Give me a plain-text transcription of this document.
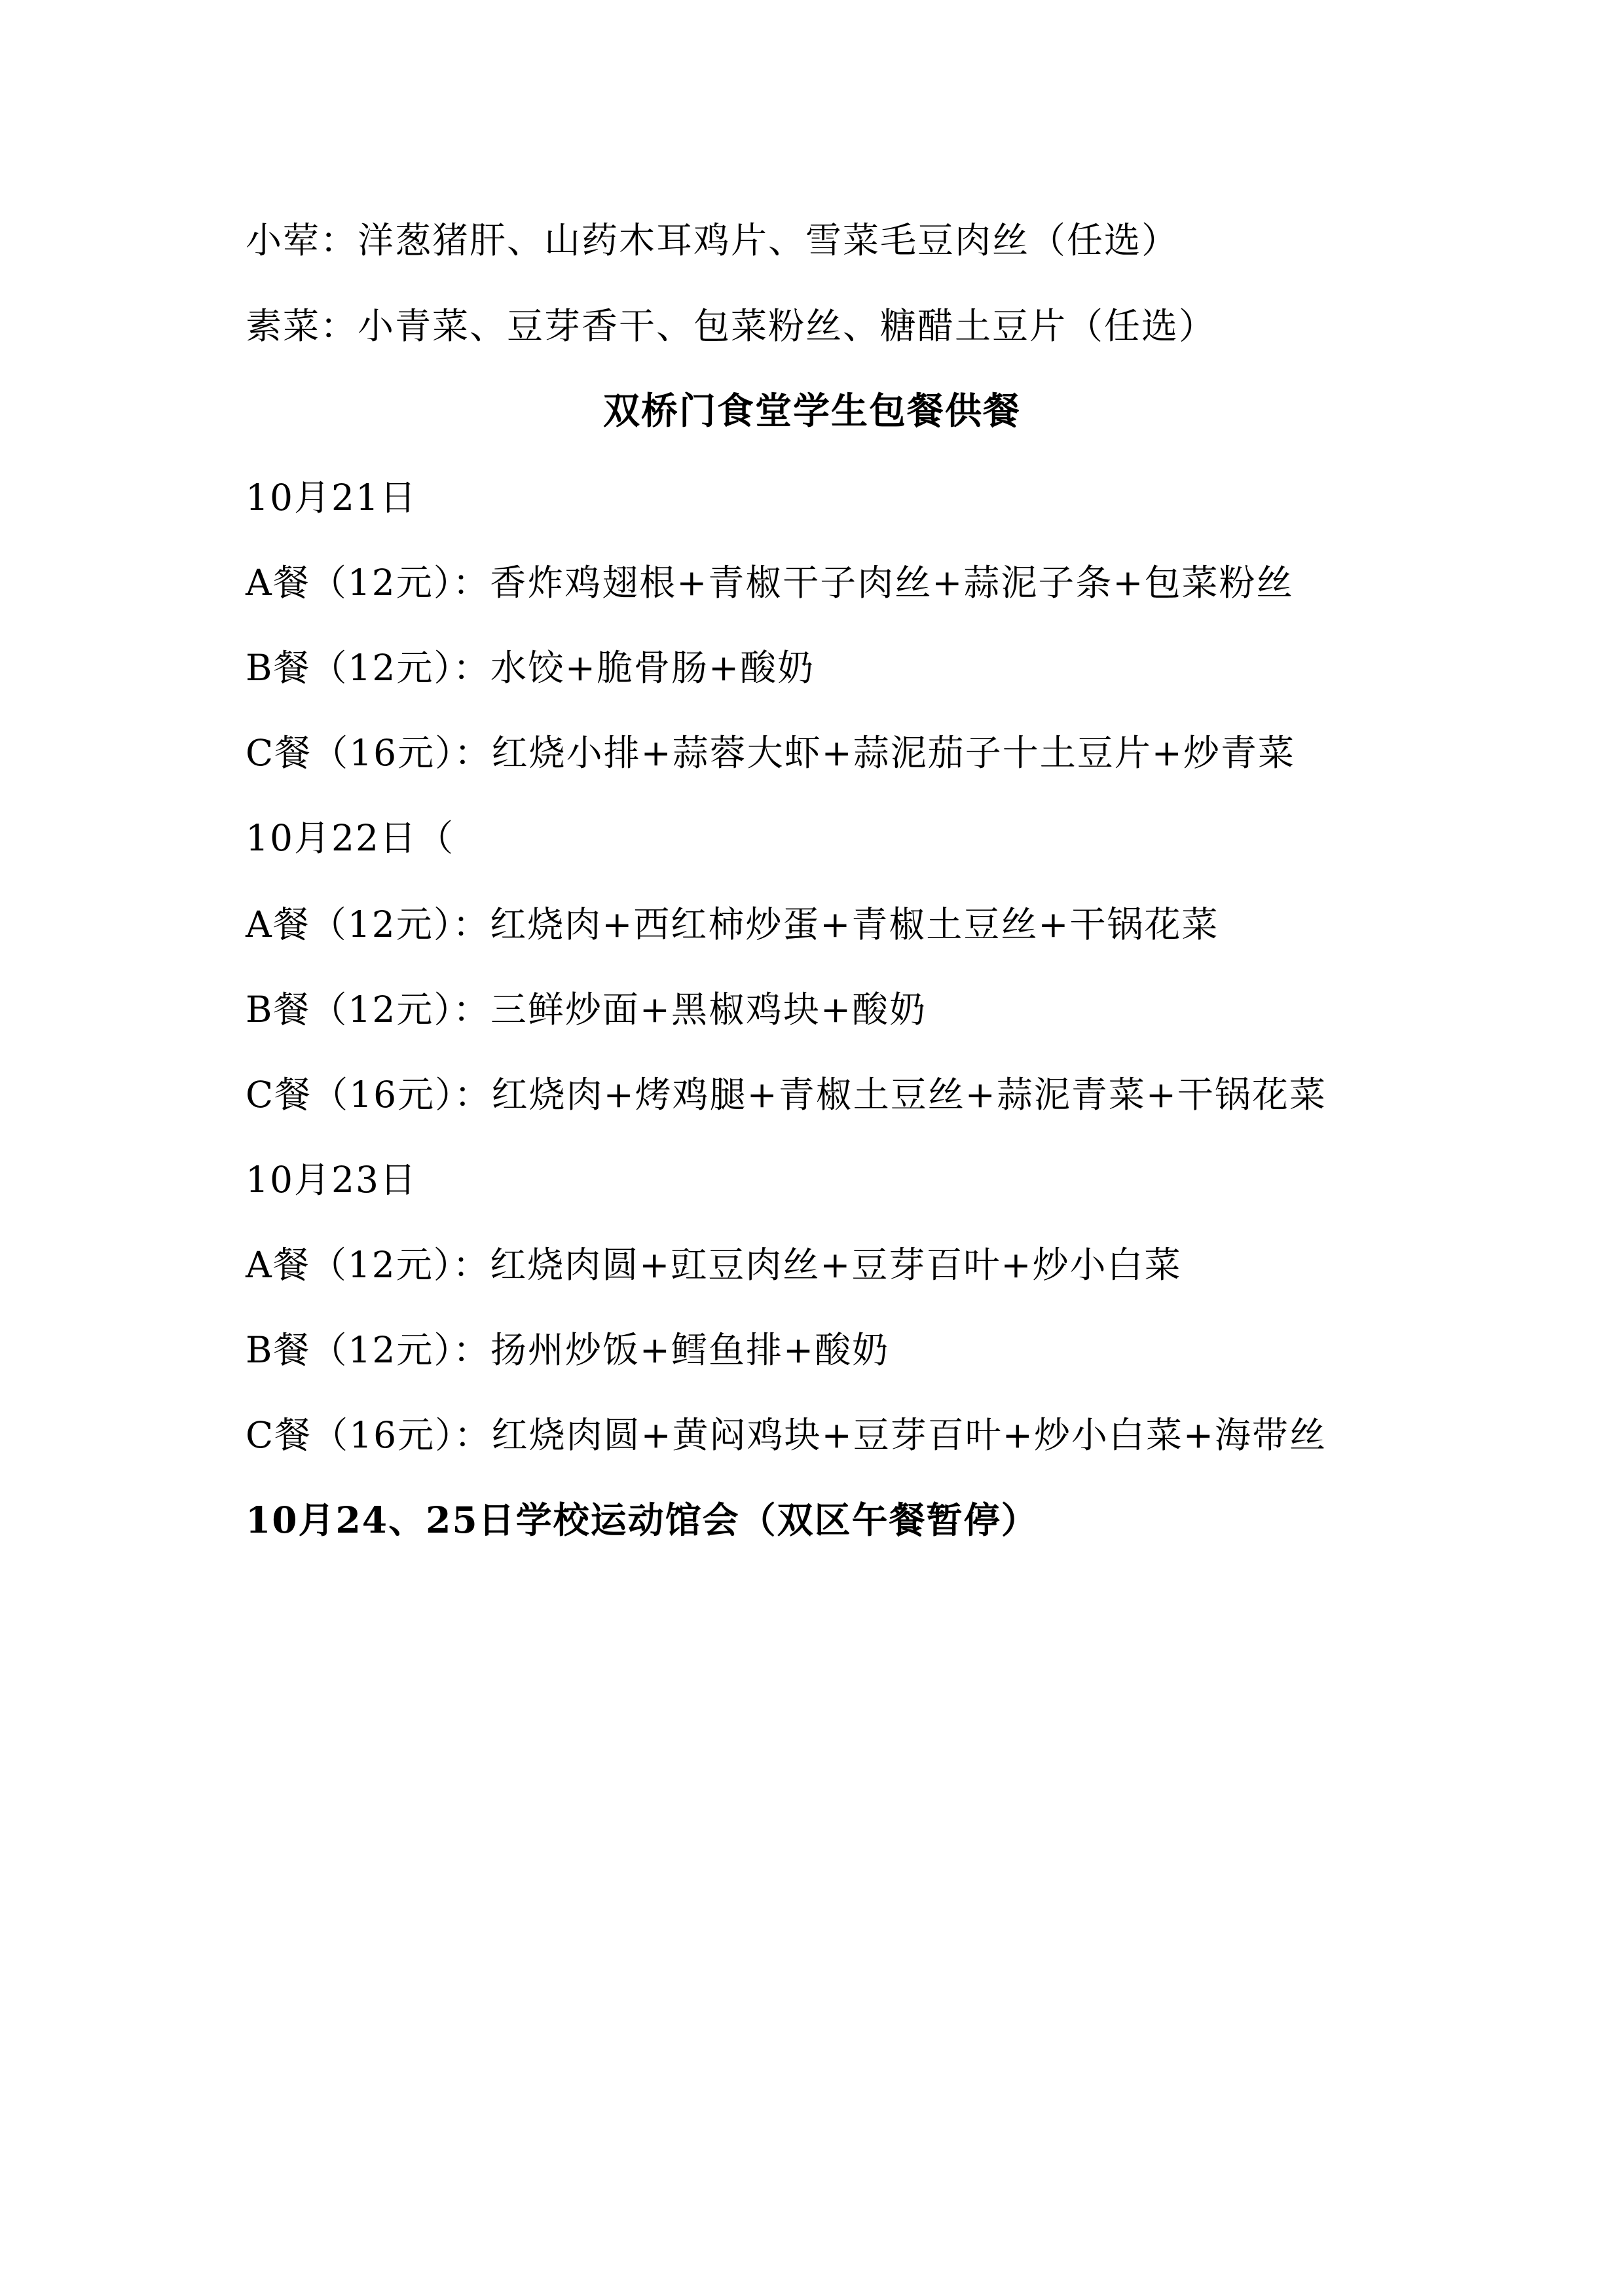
小荤：洋葱猪肝、山药木耳鸡片、雪菜毛豆肉丝（任选）
素菜：小青菜、豆芽香干、包菜粉丝、糖醋土豆片（任选）
双桥门食堂学生包餐供餐
10月21日
A餐（12元）：香炸鸡翅根+青椒干子肉丝+蒜泥子条+包菜粉丝
B餐（12元）：水饺+脆骨肠+酸奶
C餐（16元）：红烧小排+蒜蓉大虾+蒜泥茄子十土豆片+炒青菜
10月22日（
A餐（12元）：红烧肉+西红柿炒蛋+青椒土豆丝+干锅花菜
B餐（12元）：三鲜炒面+黑椒鸡块+酸奶
C餐（16元）：红烧肉+烤鸡腿+青椒土豆丝+蒜泥青菜+干锅花菜
10月23日
A餐（12元）：红烧肉圆+豇豆肉丝+豆芽百叶+炒小白菜
B餐（12元）：扬州炒饭+鳕鱼排+酸奶
C餐（16元）：红烧肉圆+黄闷鸡块+豆芽百叶+炒小白菜+海带丝
10月24、25日学校运动馆会（双区午餐暂停）
